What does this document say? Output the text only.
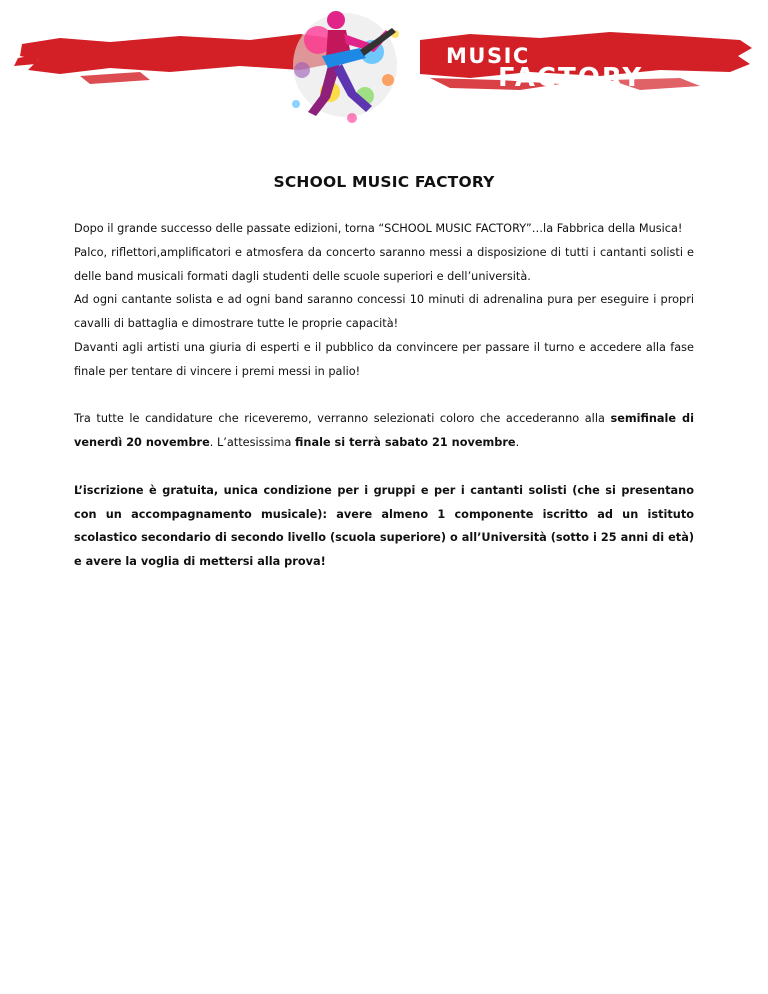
MUSIC
FACTORY
SCHOOL MUSIC FACTORY

Dopo il grande successo delle passate edizioni, torna “SCHOOL MUSIC FACTORY”…la Fabbrica della Musica!

Palco, riflettori,amplificatori e atmosfera da concerto saranno messi a disposizione di tutti i cantanti solisti e delle band musicali formati dagli studenti delle scuole superiori e dell’università.

Ad ogni cantante solista e ad ogni band saranno concessi 10 minuti di adrenalina pura per eseguire i propri cavalli di battaglia e dimostrare tutte le proprie capacità!

Davanti agli artisti una giuria di esperti e il pubblico da convincere per passare il turno e accedere alla fase finale per tentare di vincere i premi messi in palio!

Tra tutte le candidature che riceveremo, verranno selezionati coloro che accederanno alla semifinale di venerdì 20 novembre. L’attesissima finale si terrà sabato 21 novembre.

L’iscrizione è gratuita, unica condizione per i gruppi e per i cantanti solisti (che si presentano con un accompagnamento musicale): avere almeno 1 componente iscritto ad un istituto scolastico secondario di secondo livello (scuola superiore) o all’Università (sotto i 25 anni di età) e avere la voglia di mettersi alla prova!
